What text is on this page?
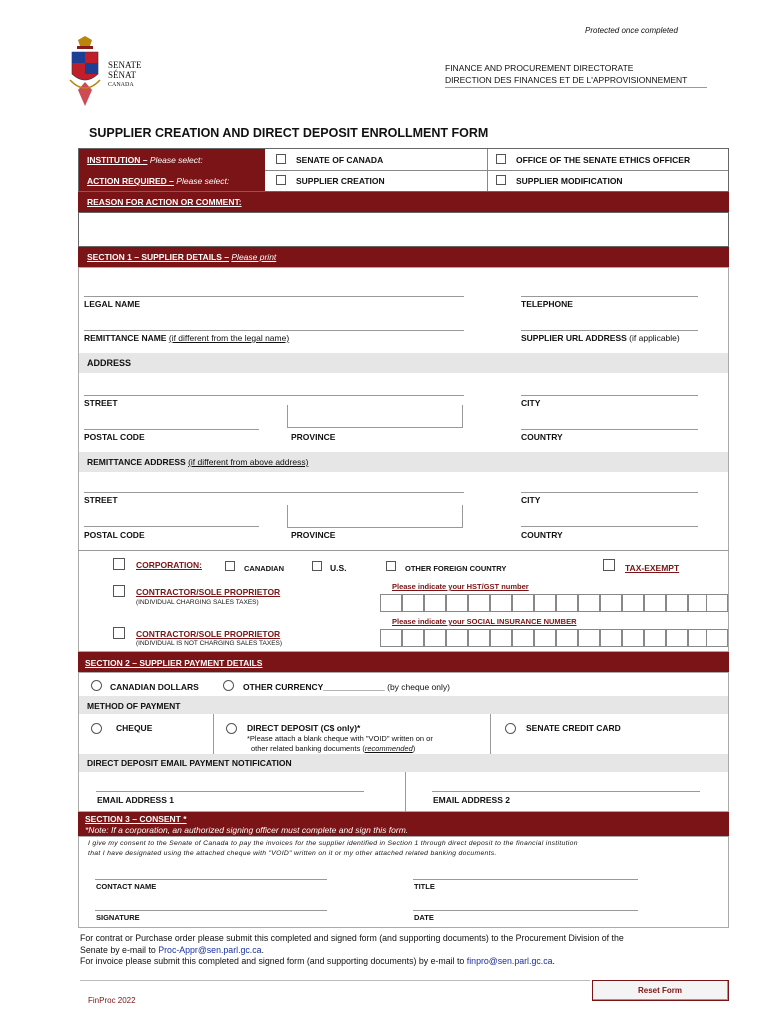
Protected once completed
SENATE
SÉNAT
CANADA
FINANCE AND PROCUREMENT DIRECTORATE
DIRECTION DES FINANCES ET DE L'APPROVISIONNEMENT
SUPPLIER CREATION AND DIRECT DEPOSIT ENROLLMENT FORM
INSTITUTION – Please select:
ACTION REQUIRED – Please select:
SENATE OF CANADA	OFFICE OF THE SENATE ETHICS OFFICER
SUPPLIER CREATION	SUPPLIER MODIFICATION
REASON FOR ACTION OR COMMENT:
SECTION 1 – SUPPLIER DETAILS – Please print
LEGAL NAME	TELEPHONE
REMITTANCE NAME (if different from the legal name)	SUPPLIER URL ADDRESS (if applicable)
ADDRESS
STREET	CITY
POSTAL CODE	PROVINCE	COUNTRY
REMITTANCE ADDRESS (if different from above address)
STREET	CITY
POSTAL CODE	PROVINCE	COUNTRY
CORPORATION:	CANADIAN	U.S.	OTHER FOREIGN COUNTRY	TAX-EXEMPT
Please indicate your HST/GST number
CONTRACTOR/SOLE PROPRIETOR
(INDIVIDUAL CHARGING SALES TAXES)
Please indicate your SOCIAL INSURANCE NUMBER
CONTRACTOR/SOLE PROPRIETOR
(INDIVIDUAL IS NOT CHARGING SALES TAXES)
SECTION 2 – SUPPLIER PAYMENT DETAILS
CANADIAN DOLLARS	OTHER CURRENCY_____________ (by cheque only)
METHOD OF PAYMENT
CHEQUE	DIRECT DEPOSIT (C$ only)*
*Please attach a blank cheque with "VOID" written on or
other related banking documents (recommended)
SENATE CREDIT CARD
DIRECT DEPOSIT EMAIL PAYMENT NOTIFICATION
EMAIL ADDRESS 1	EMAIL ADDRESS 2
SECTION 3 – CONSENT *
*Note: If a corporation, an authorized signing officer must complete and sign this form.
I give my consent to the Senate of Canada to pay the invoices for the supplier identified in Section 1 through direct deposit to the financial institution
that I have designated using the attached cheque with "VOID" written on it or my other attached related banking documents.
CONTACT NAME	TITLE
SIGNATURE	DATE
For contrat or Purchase order please submit this completed and signed form (and supporting documents) to the Procurement Division of the
Senate by e-mail to Proc-Appr@sen.parl.gc.ca.
For invoice please submit this completed and signed form (and supporting documents) by e-mail to finpro@sen.parl.gc.ca.
FinProc 2022
Reset Form
